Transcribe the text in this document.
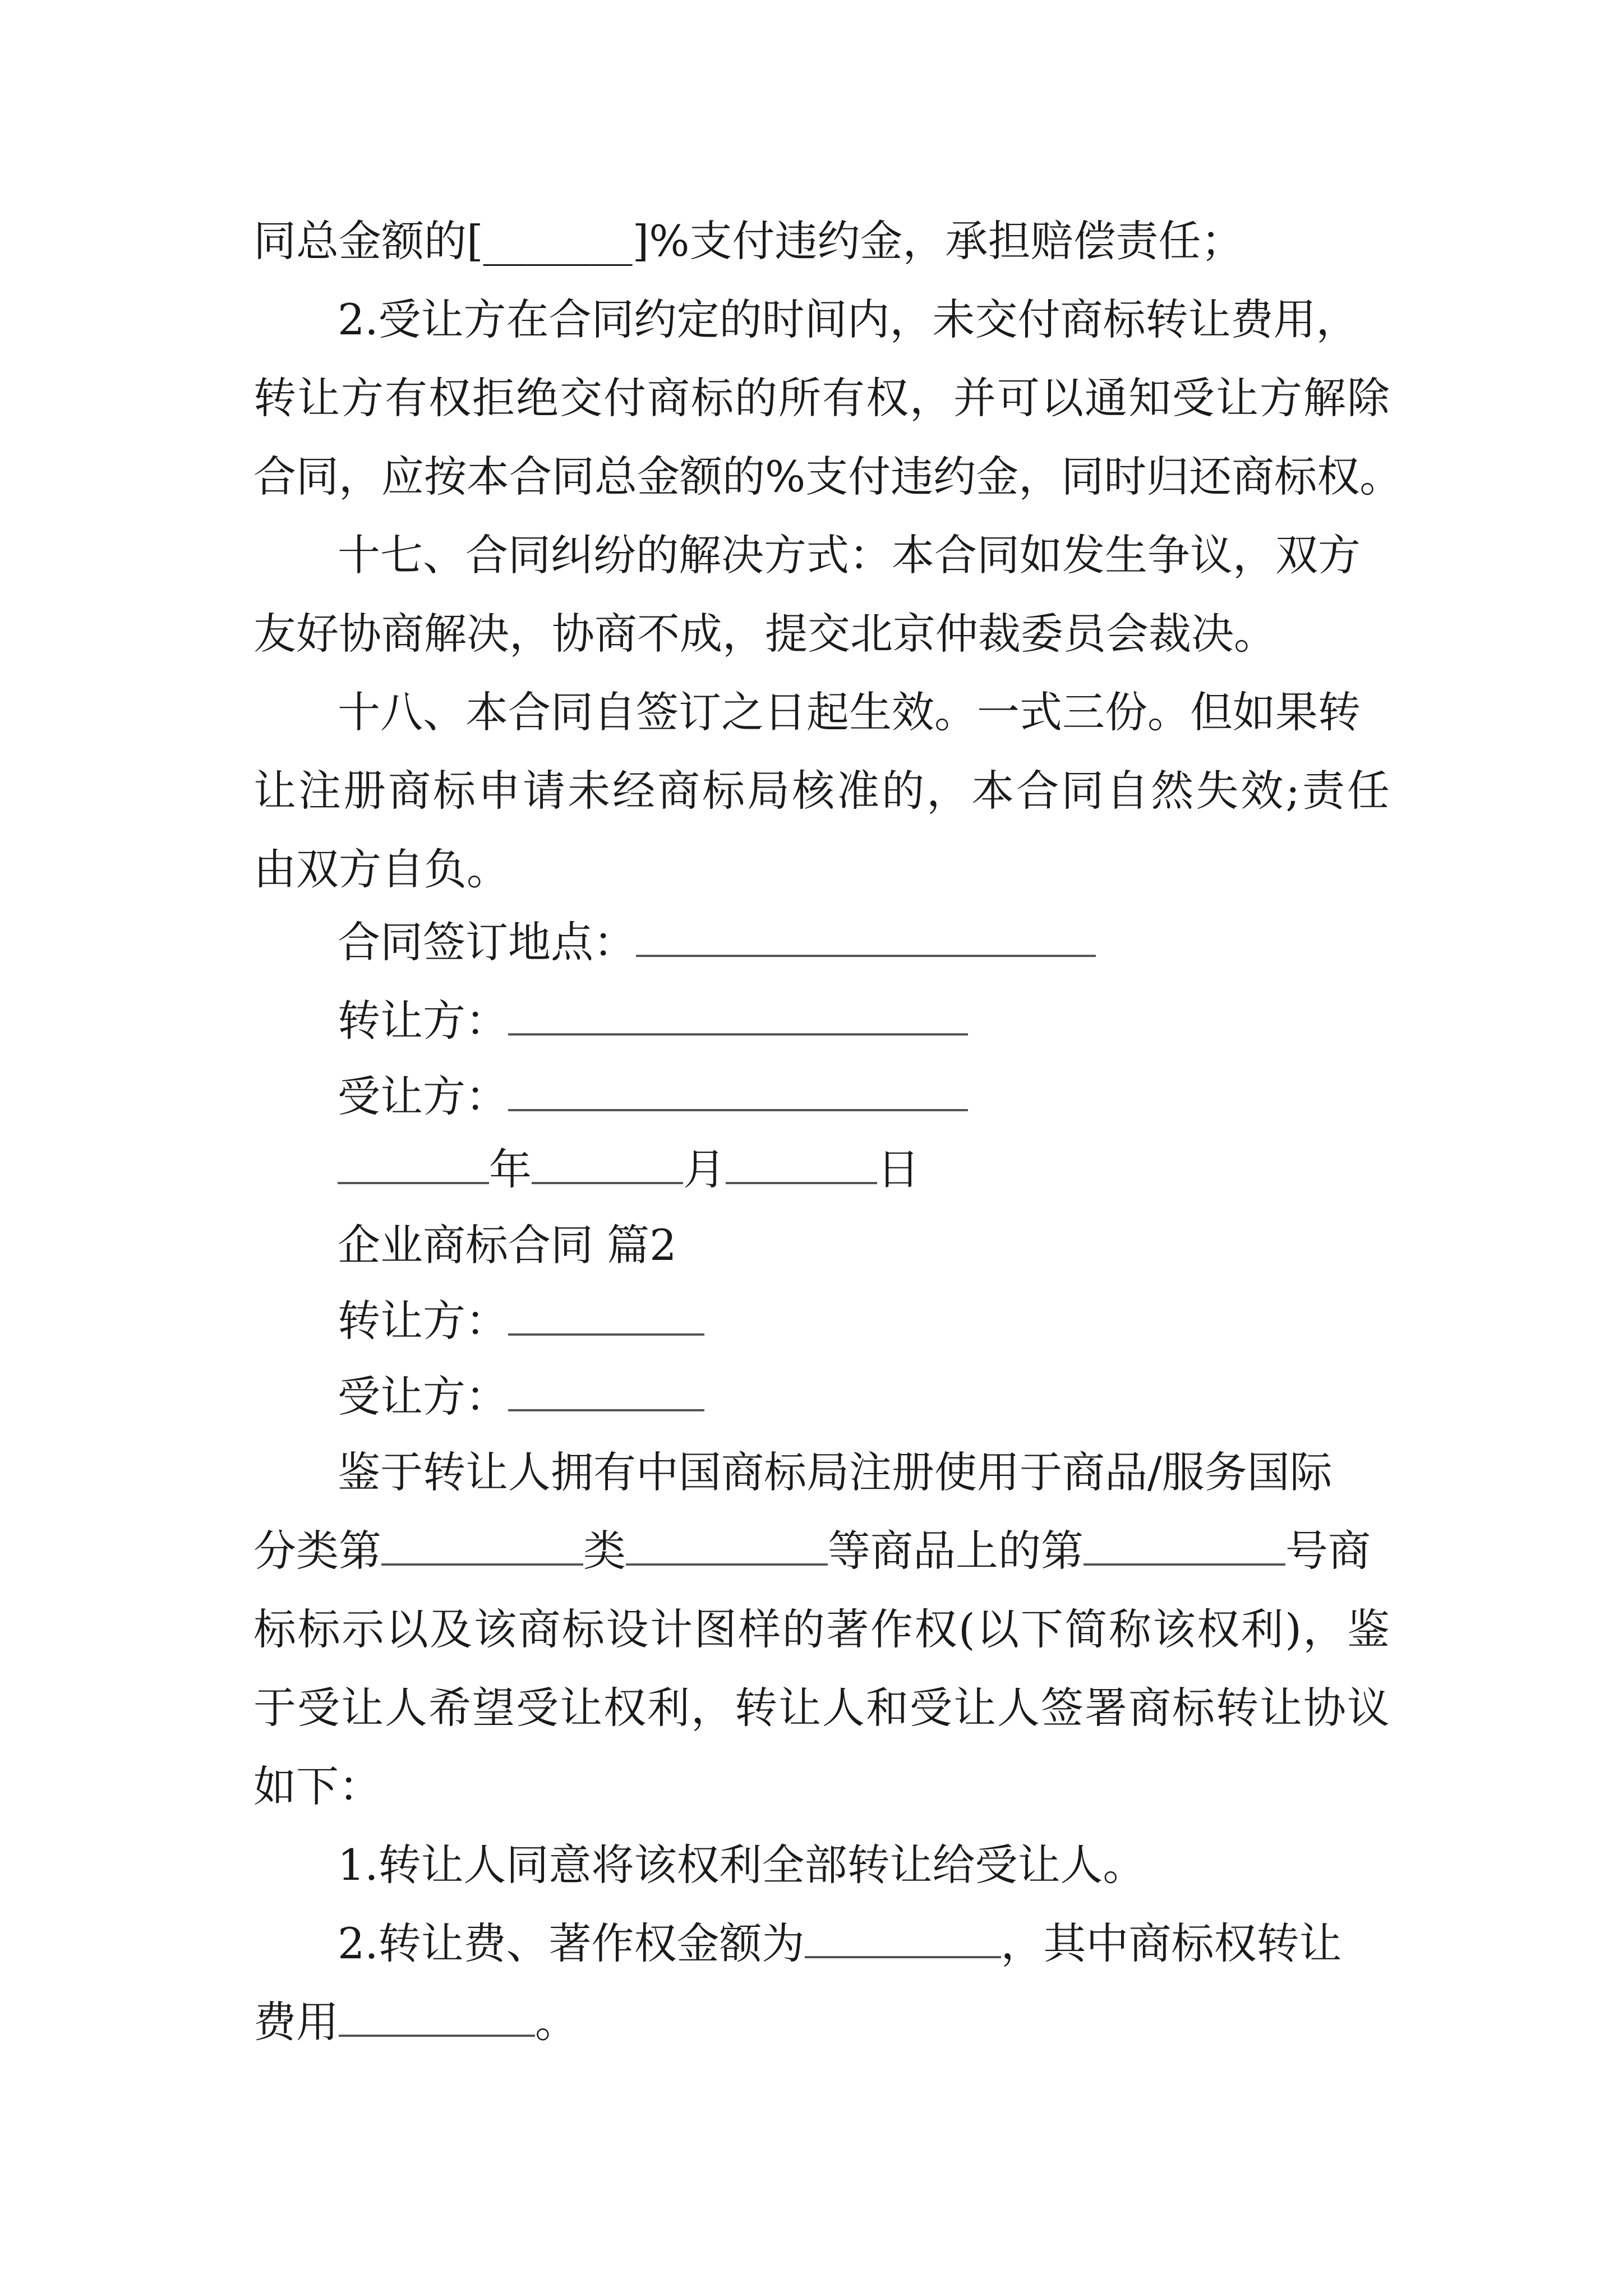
同总金额的[_______]%支付违约金，承担赔偿责任；

2.受让方在合同约定的时间内，未交付商标转让费用，

转让方有权拒绝交付商标的所有权，并可以通知受让方解除

合同，应按本合同总金额的%支付违约金，同时归还商标权。

十七、合同纠纷的解决方式：本合同如发生争议，双方

友好协商解决，协商不成，提交北京仲裁委员会裁决。

十八、本合同自签订之日起生效。一式三份。但如果转

让注册商标申请未经商标局核准的，本合同自然失效;责任

由双方自负。

合同签订地点：
转让方：
受让方：
年	月	日

企业商标合同 篇2

转让方：
受让方：

鉴于转让人拥有中国商标局注册使用于商品/服务国际

分类第	类	等商品上的第	号商

标标示以及该商标设计图样的著作权(以下简称该权利)，鉴

于受让人希望受让权利，转让人和受让人签署商标转让协议

如下：

1.转让人同意将该权利全部转让给受让人。

2.转让费、著作权金额为	，其中商标权转让
费用	。
